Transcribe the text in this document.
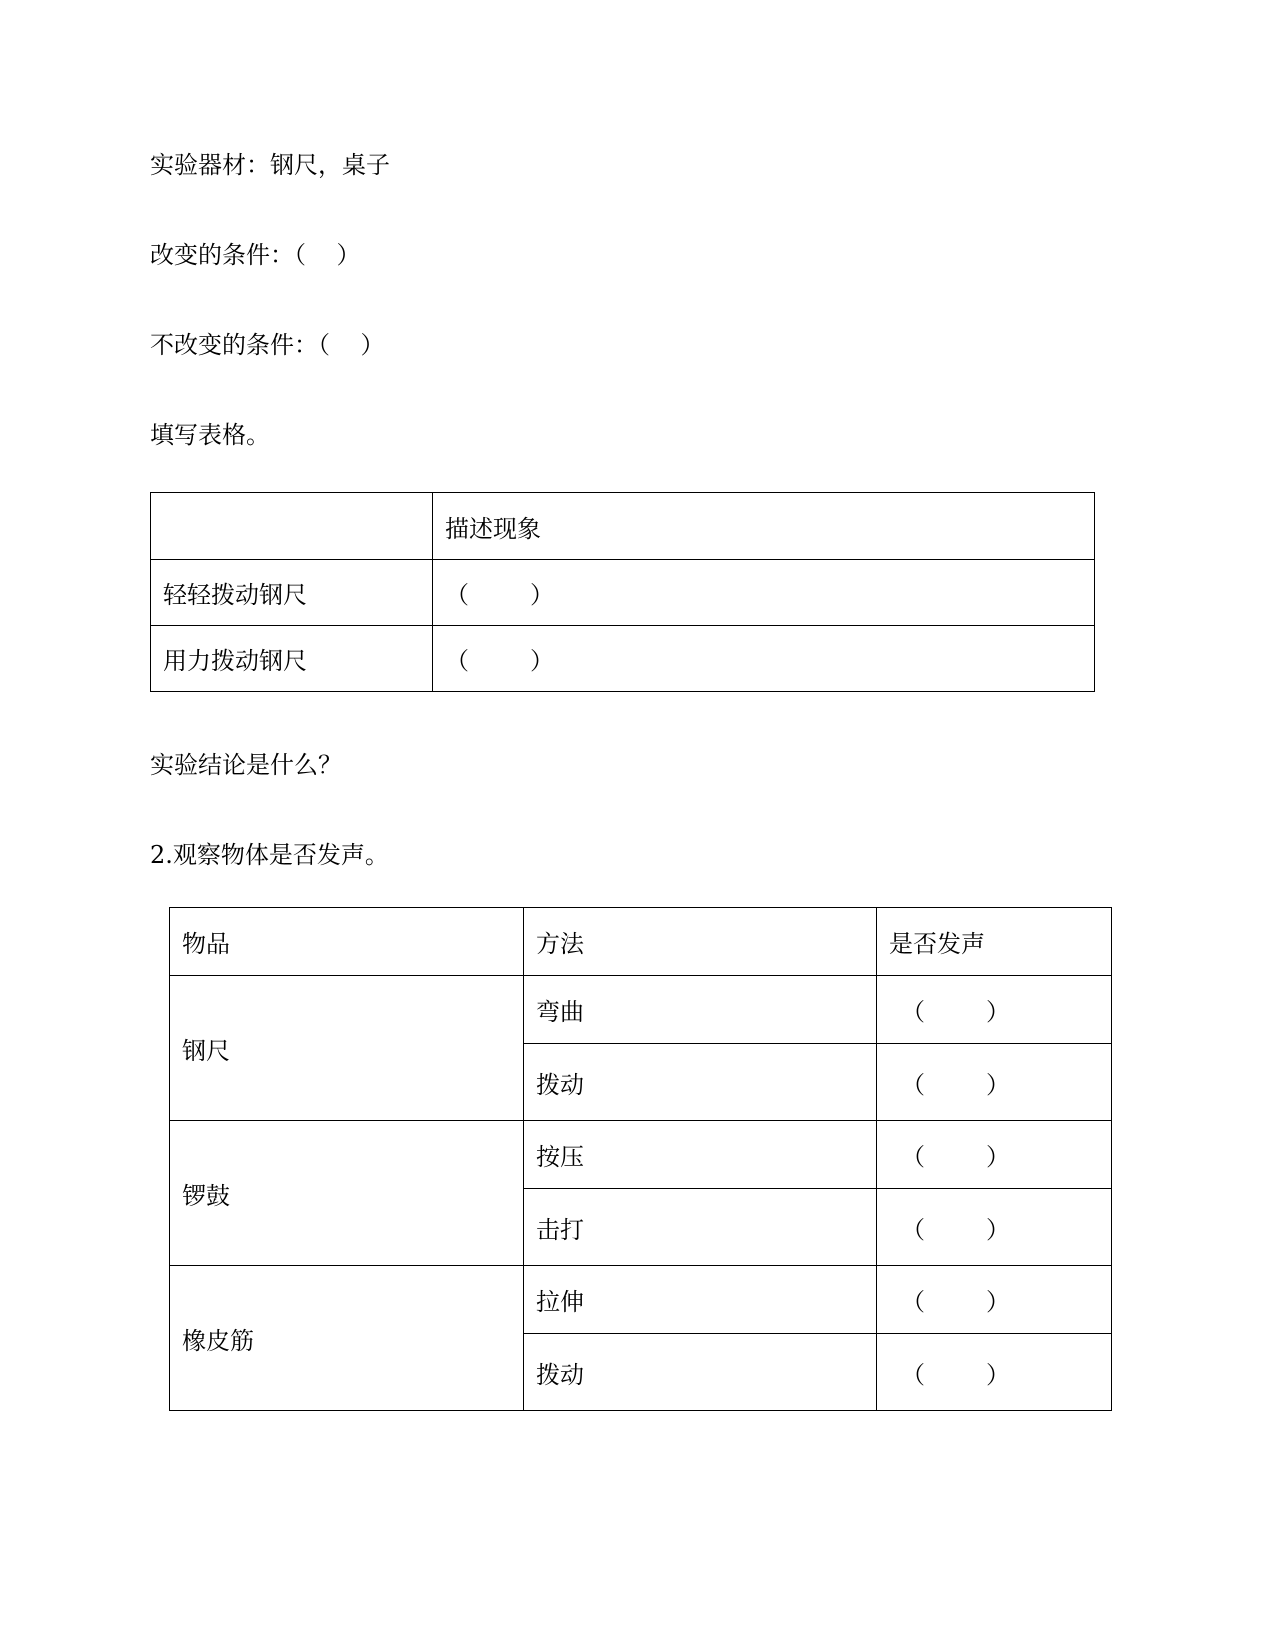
实验器材：钢尺，桌子
改变的条件：（    ）
不改变的条件：（    ）
填写表格。
	描述现象
轻轻拨动钢尺	（        ）
用力拨动钢尺	（        ）
实验结论是什么？
2.观察物体是否发声。
物品	方法	是否发声
钢尺	弯曲	（        ）
	拨动	（        ）
锣鼓	按压	（        ）
	击打	（        ）
橡皮筋	拉伸	（        ）
	拨动	（        ）
